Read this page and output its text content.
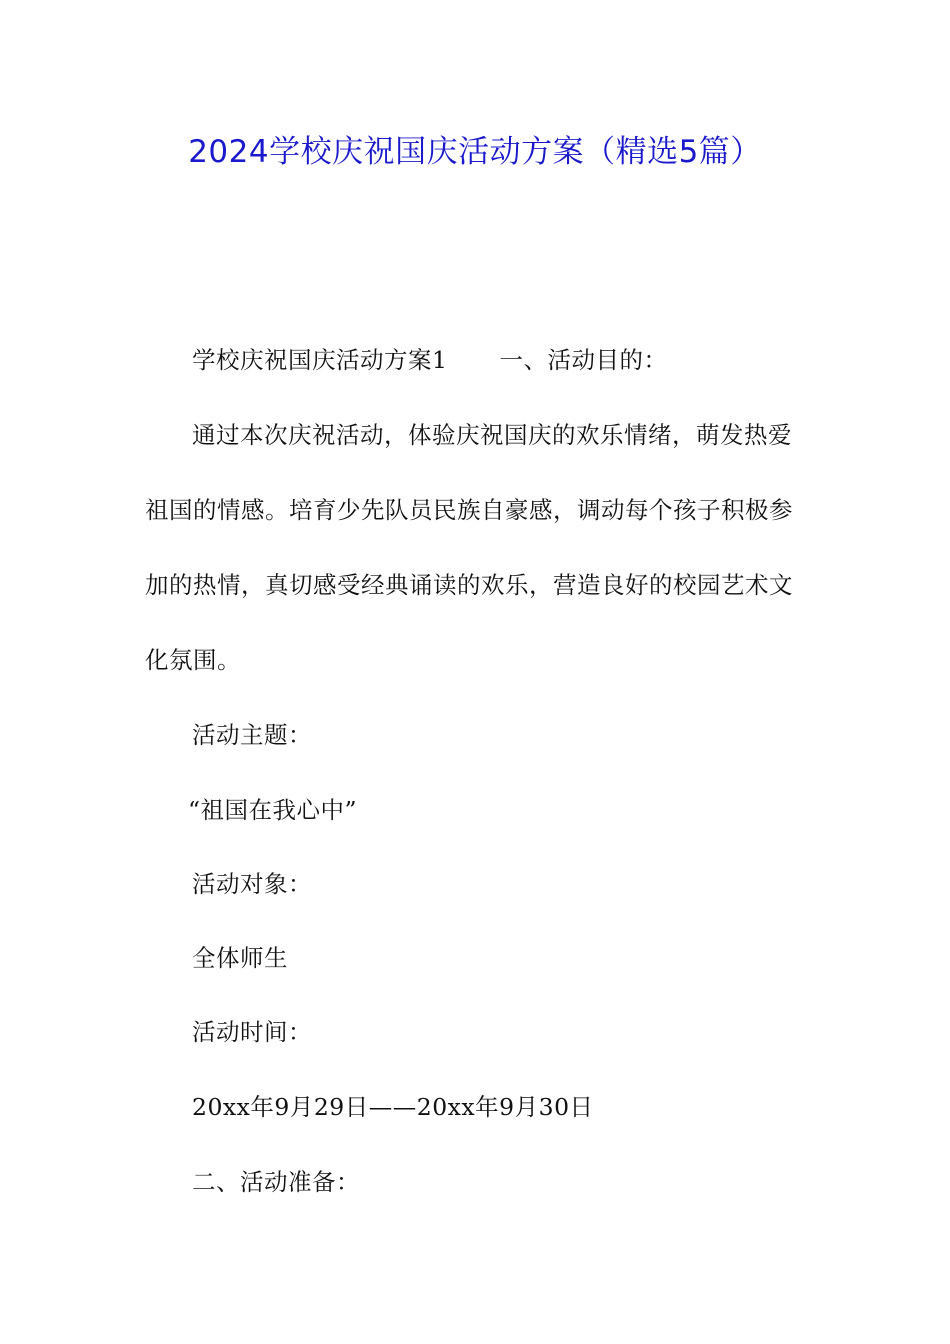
2024学校庆祝国庆活动方案（精选5篇）
学校庆祝国庆活动方案1 一、活动目的：
通过本次庆祝活动，体验庆祝国庆的欢乐情绪，萌发热爱
祖国的情感。培育少先队员民族自豪感，调动每个孩子积极参
加的热情，真切感受经典诵读的欢乐，营造良好的校园艺术文
化氛围。
活动主题：
“祖国在我心中”
活动对象：
全体师生
活动时间：
20xx年9月29日——20xx年9月30日
二、活动准备：
